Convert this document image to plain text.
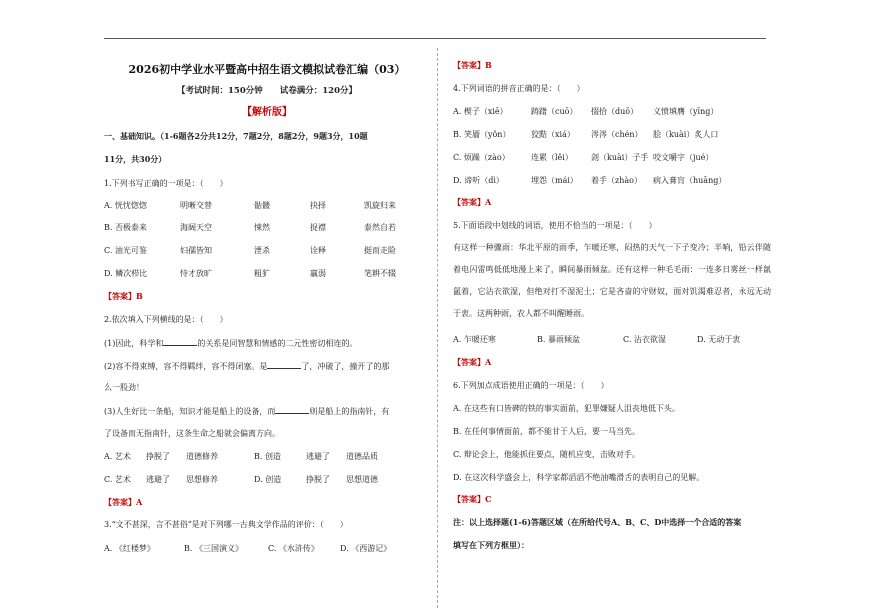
2026初中学业水平暨高中招生语文模拟试卷汇编（03）
【考试时间：150分钟　　试卷满分：120分】
【解析版】
一、基础知识。（1-6题各2分共12分，7题2分，8题2分，9题3分，10题
11分，共30分）
1.下列书写正确的一项是：（　　）
A. 恍忧惚惚	明晰交替	骷髅	抉择	凯旋归来
B. 否极泰来	海阔天空	悚然	捉襟	泰然自若
C. 油光可鉴	妇孺皆知	湮杀	诠释	挺而走险
D. 鳞次栉比	恃才放旷	粗犷	羸弱	笔耕不辍
【答案】B
2.依次填入下列横线的是：（　　）
(1)因此，科学和	的关系是同智慧和情感的二元性密切相连的。
(2)容不得束缚，容不得羁绊，容不得闭塞。是	了，冲破了，撞开了的那
么一股劲！
(3)人生好比一条船，知识才能是船上的设备，而	则是船上的指南针，有
了设备而无指南针，这条生命之船就会偏离方向。
A. 艺术 挣脱了 道德修养	B. 创造	逃避了 道德品质
C. 艺术 逃避了 思想修养	D. 创造	挣脱了 思想道德
【答案】A
3.“文不甚深，言不甚俗”是对下列哪一古典文学作品的评价：（　　）
A. 《红楼梦》	B. 《三国演义》	C. 《水浒传》	D. 《西游记》
【答案】B
4.下列词语的拼音正确的是：（　　）
A. 楔子（xiē）	踌躇（cuō） 掇拾（duō） 义愤填膺（yīng）
B. 笑靥（yǒn）	狡黠（xiá） 涔涔（chén） 脍（kuài）炙人口
C. 烦躁（zào）	连累（lěi） 刽（kuài）子手 咬文嚼字（jué）
D. 谛听（dì）	埋怨（mái） 着手（zhào） 病入膏肓（huāng）
【答案】A
5.下面语段中划线的词语，使用不恰当的一项是：（　　）
有这样一种骤雨：华北平原的雨季，乍暖还寒，闷热的天气一下子变冷；半响，铅云伴随着电闪雷鸣低低地漫上来了，瞬间暴雨倾盆。还有这样一种毛毛雨：一连多日雾丝一样氤氲着，它沾衣欲湿，但绝对打不湿泥土；它是吝啬的守财奴，面对饥渴难忍者，永远无动于衷。这两种雨，农人都不叫醒睡雨。
A. 乍暖还寒	B. 暴雨倾盆	C. 沾衣欲湿	D. 无动于衷
【答案】A
6.下列加点成语使用正确的一项是：（　　）
A. 在这些有口皆碑的铁的事实面前，犯罪嫌疑人沮丧地低下头。
B. 在任何事情面前，都不能甘于人后，要一马当先。
C. 辩论会上，他能抓住要点，随机应变，击败对手。
D. 在这次科学盛会上，科学家都滔滔不绝油嘴滑舌的表明自己的见解。
【答案】C
注：以上选择题(1-6)答题区域（在所给代号A、B、C、D中选择一个合适的答案
填写在下列方框里）：
